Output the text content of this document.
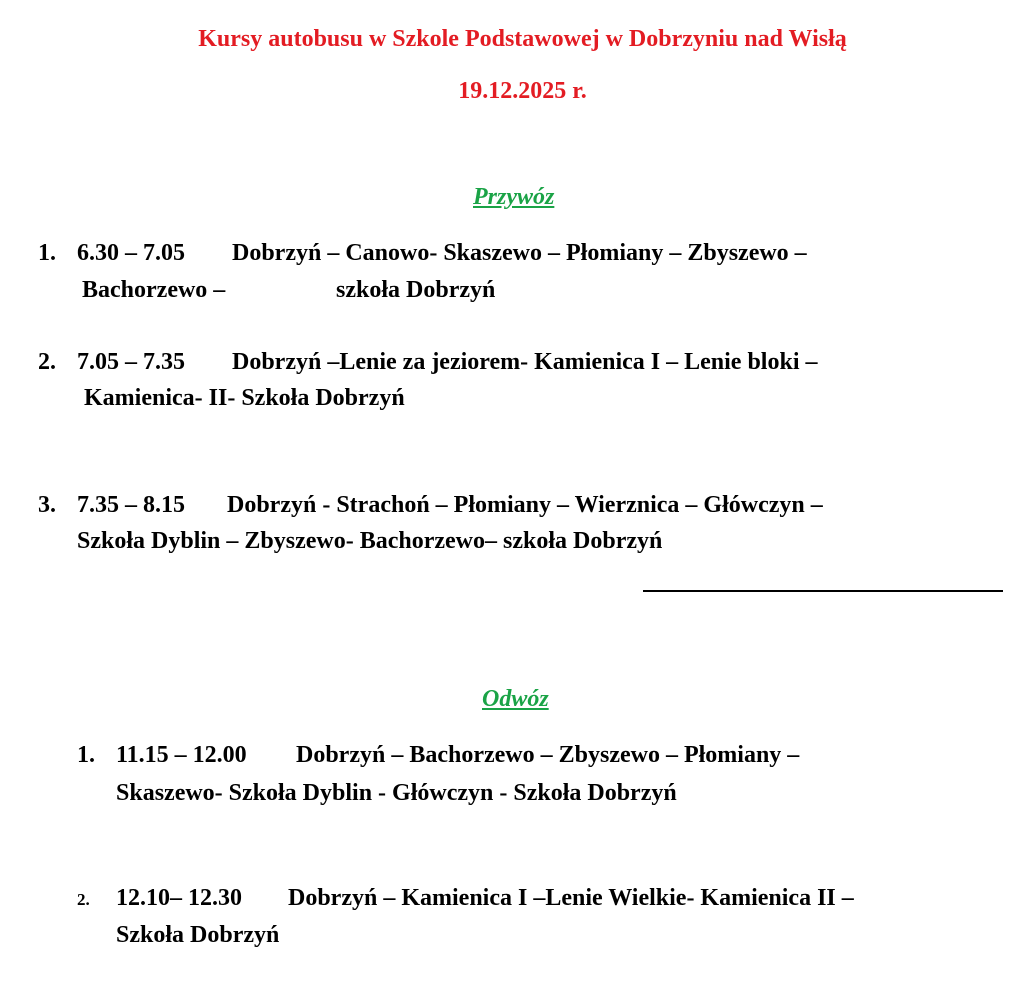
Kursy autobusu w Szkole Podstawowej w Dobrzyniu nad Wisłą
19.12.2025 r.
Przywóz
1. 6.30 – 7.05 Dobrzyń – Canowo- Skaszewo – Płomiany – Zbyszewo –
Bachorzewo –	szkoła Dobrzyń
2. 7.05 – 7.35 Dobrzyń –Lenie za jeziorem- Kamienica I – Lenie bloki –
Kamienica- II- Szkoła Dobrzyń
3. 7.35 – 8.15 Dobrzyń - Strachoń – Płomiany – Wierznica – Główczyn –
Szkoła Dyblin – Zbyszewo- Bachorzewo– szkoła Dobrzyń
Odwóz
1. 11.15 – 12.00 Dobrzyń – Bachorzewo – Zbyszewo – Płomiany –
Skaszewo- Szkoła Dyblin - Główczyn - Szkoła Dobrzyń
2. 12.10– 12.30 Dobrzyń – Kamienica I –Lenie Wielkie- Kamienica II –
Szkoła Dobrzyń
